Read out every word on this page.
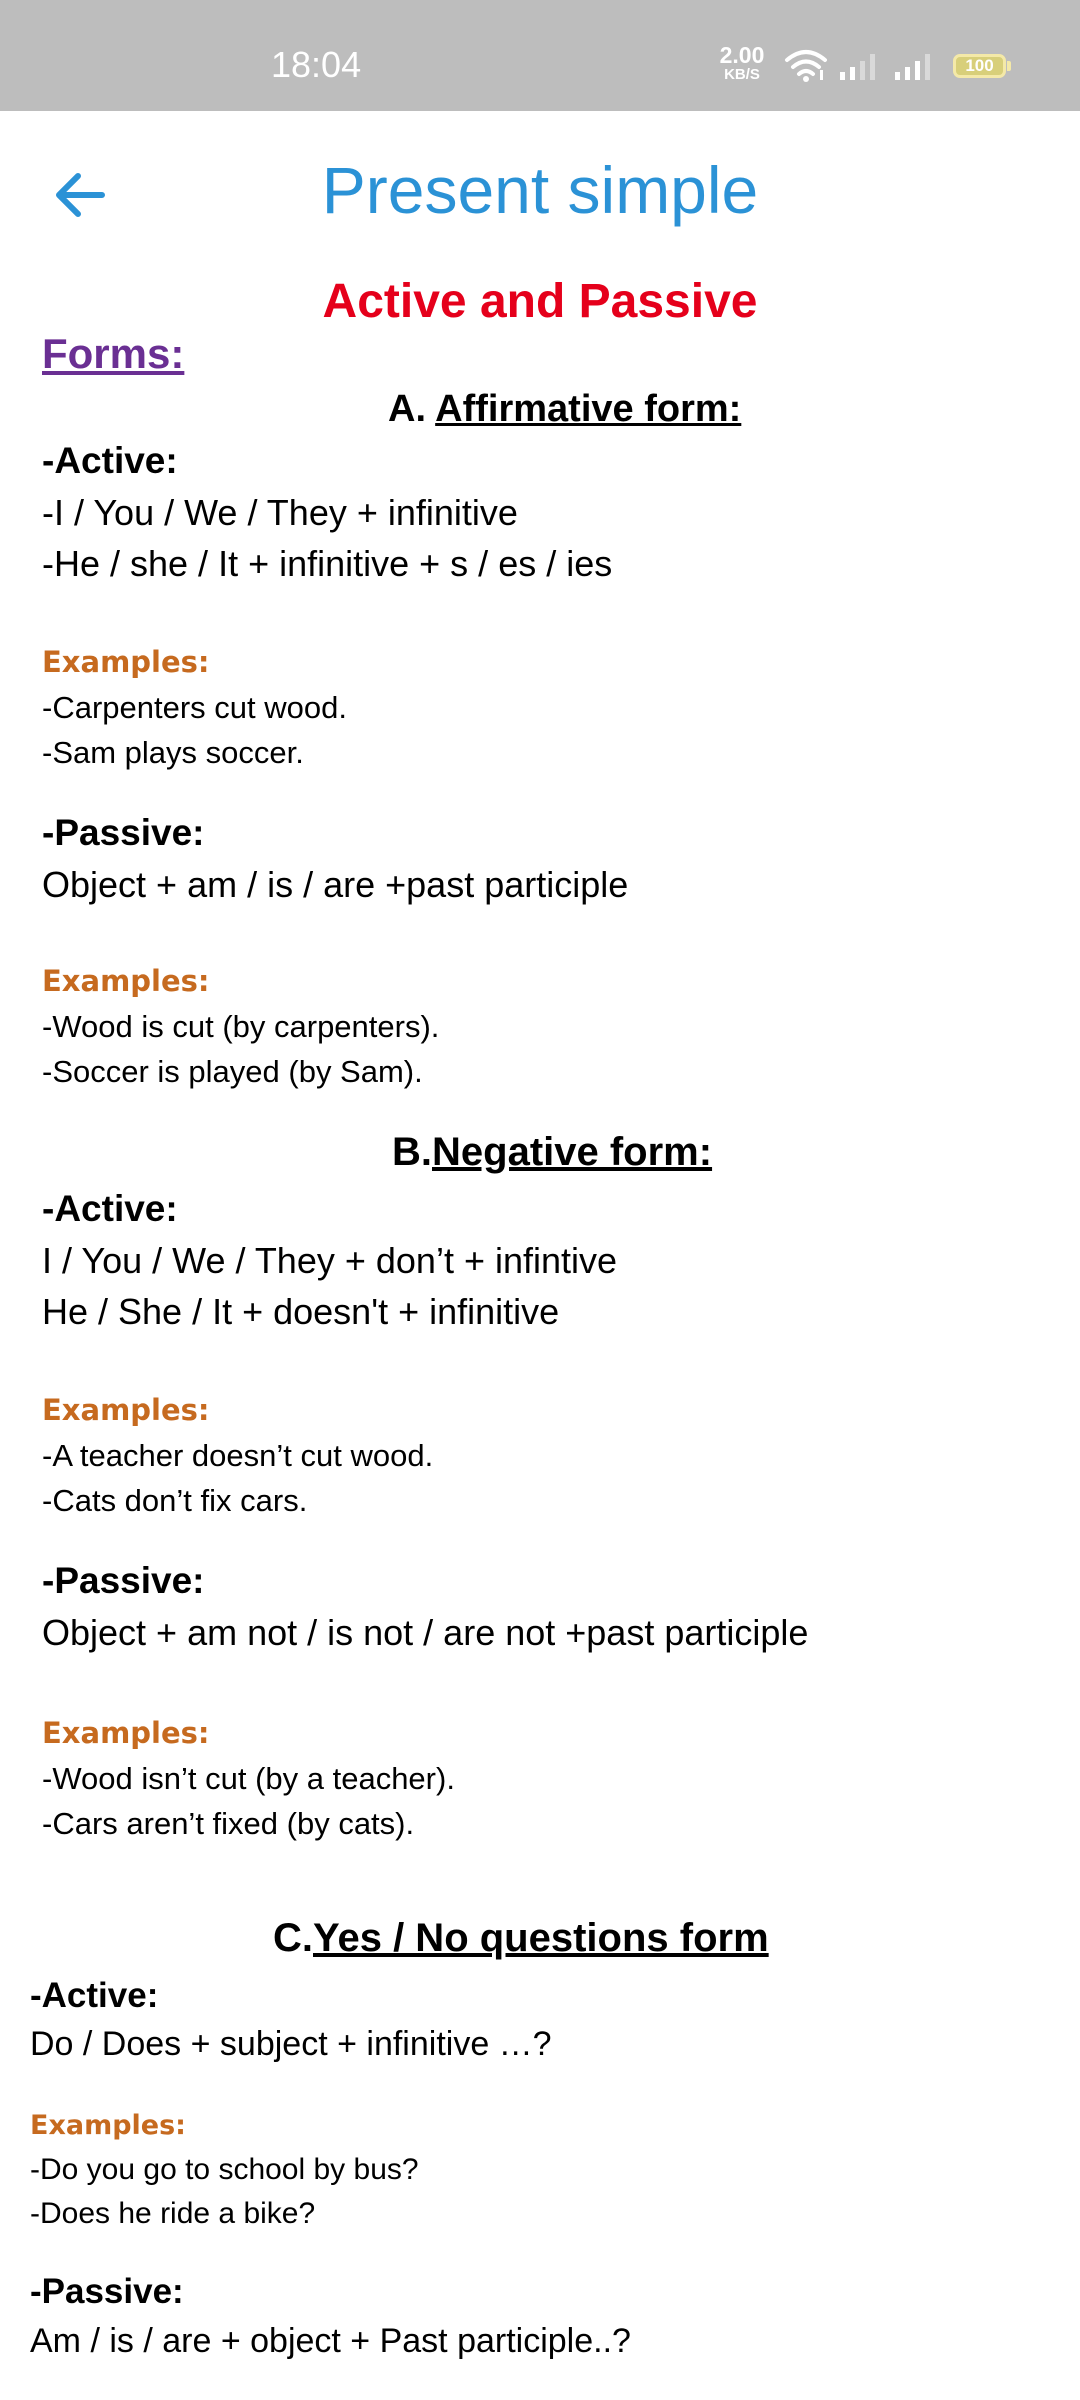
18:04	2.00
KB/S	100
Present simple
Active and Passive
Forms:
A. Affirmative form:
-Active:
-I / You / We / They + infinitive
-He / she / It + infinitive + s / es / ies
Examples:
-Carpenters cut wood.
-Sam plays soccer.
-Passive:
Object + am / is / are +past participle
Examples:
-Wood is cut (by carpenters).
-Soccer is played (by Sam).
B.Negative form:
-Active:
I / You / We / They + don’t + infintive
He / She / It + doesn't + infinitive
Examples:
-A teacher doesn’t cut wood.
-Cats don’t fix cars.
-Passive:
Object + am not / is not / are not +past participle
Examples:
-Wood isn’t cut (by a teacher).
-Cars aren’t fixed (by cats).
C.Yes / No questions form
-Active:
Do / Does + subject + infinitive …?
Examples:
-Do you go to school by bus?
-Does he ride a bike?
-Passive:
Am / is / are + object + Past participle..?
